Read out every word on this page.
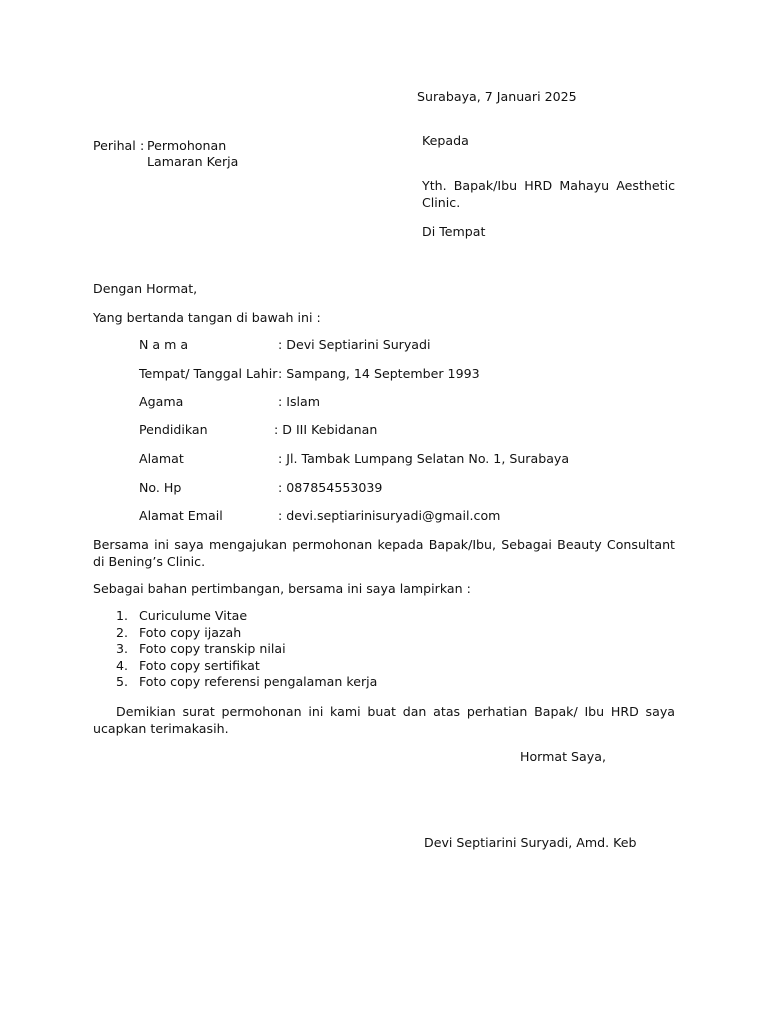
Surabaya, 7 Januari 2025
Perihal : Permohonan
Lamaran Kerja
Kepada
Yth. Bapak/Ibu HRD Mahayu Aesthetic Clinic.
Di Tempat
Dengan Hormat,
Yang bertanda tangan di bawah ini :
N a m a	: Devi Septiarini Suryadi
Tempat/ Tanggal Lahir : Sampang, 14 September 1993
Agama	: Islam
Pendidikan	: D III Kebidanan
Alamat	: Jl. Tambak Lumpang Selatan No. 1, Surabaya
No. Hp	: 087854553039
Alamat Email	: devi.septiarinisuryadi@gmail.com
Bersama ini saya mengajukan permohonan kepada Bapak/Ibu, Sebagai Beauty Consultant di Bening’s Clinic.
Sebagai bahan pertimbangan, bersama ini saya lampirkan :
1. Curiculume Vitae
2. Foto copy ijazah
3. Foto copy transkip nilai
4. Foto copy sertifikat
5. Foto copy referensi pengalaman kerja
Demikian surat permohonan ini kami buat dan atas perhatian Bapak/ Ibu HRD saya ucapkan terimakasih.
Hormat Saya,
Devi Septiarini Suryadi, Amd. Keb
